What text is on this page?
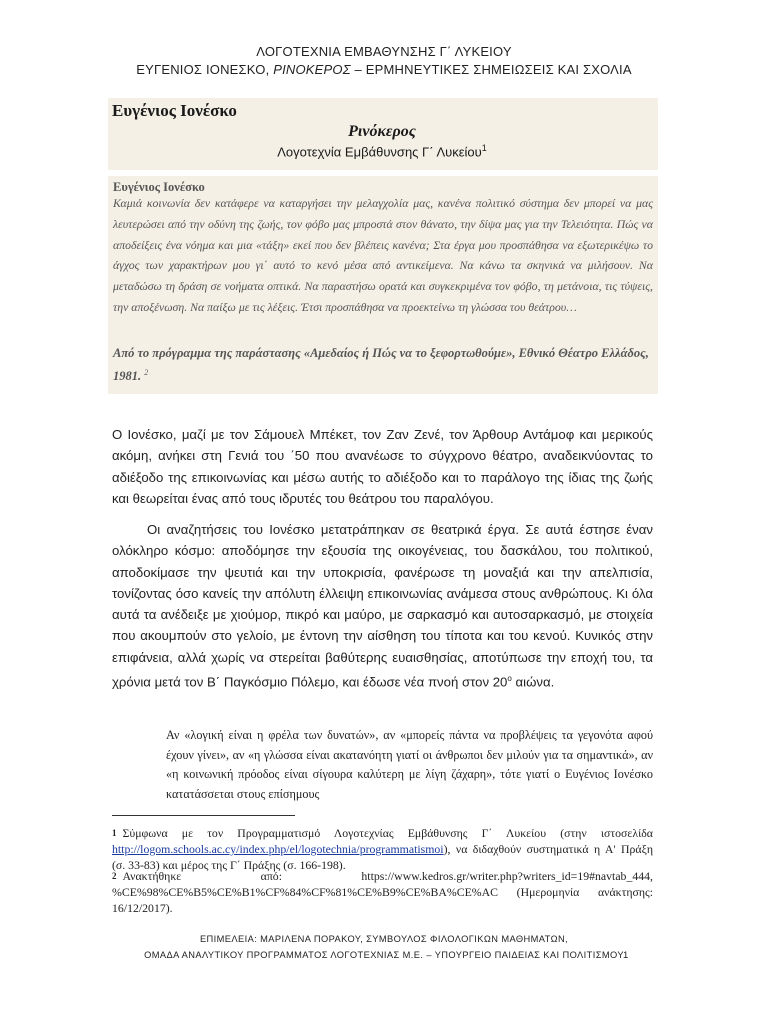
ΛΟΓΟΤΕΧΝΙΑ ΕΜΒΑΘΥΝΣΗΣ Γ΄ ΛΥΚΕΙΟΥ
ΕΥΓΕΝΙΟΣ ΙΟΝΕΣΚΟ, ΡΙΝΟΚΕΡΟΣ – ΕΡΜΗΝΕΥΤΙΚΕΣ ΣΗΜΕΙΩΣΕΙΣ ΚΑΙ ΣΧΟΛΙΑ
Ευγένιος Ιονέσκο
Ρινόκερος
Λογοτεχνία Εμβάθυνσης Γ΄ Λυκείου$^1$
Ευγένιος Ιονέσκο
Καμιά κοινωνία δεν κατάφερε να καταργήσει την μελαγχολία μας, κανένα πολιτικό σύστημα δεν μπορεί να μας λευτερώσει από την οδύνη της ζωής, τον φόβο μας μπροστά στον θάνατο, την δίψα μας για την Τελειότητα. Πώς να αποδείξεις ένα νόημα και μια «τάξη» εκεί που δεν βλέπεις κανένα; Στα έργα μου προσπάθησα να εξωτερικέψω το άγχος των χαρακτήρων μου γι΄ αυτό το κενό μέσα από αντικείμενα. Να κάνω τα σκηνικά να μιλήσουν. Να μεταδώσω τη δράση σε νοήματα οπτικά. Να παραστήσω ορατά και συγκεκριμένα τον φόβο, τη μετάνοια, τις τύψεις, την αποξένωση. Να παίξω με τις λέξεις. Έτσι προσπάθησα να προεκτείνω τη γλώσσα του θεάτρου…
Από το πρόγραμμα της παράστασης «Αμεδαίος ή Πώς να το ξεφορτωθούμε», Εθνικό Θέατρο Ελλάδος, 1981. $^2$
Ο Ιονέσκο, μαζί με τον Σάμουελ Μπέκετ, τον Ζαν Ζενέ, τον Άρθουρ Αντάμοφ και μερικούς ακόμη, ανήκει στη Γενιά του ΄50 που ανανέωσε το σύγχρονο θέατρο, αναδεικνύοντας το αδιέξοδο της επικοινωνίας και μέσω αυτής το αδιέξοδο και το παράλογο της ίδιας της ζωής και θεωρείται ένας από τους ιδρυτές του θεάτρου του παραλόγου.
Οι αναζητήσεις του Ιονέσκο μετατράπηκαν σε θεατρικά έργα. Σε αυτά έστησε έναν ολόκληρο κόσμο: αποδόμησε την εξουσία της οικογένειας, του δασκάλου, του πολιτικού, αποδοκίμασε την ψευτιά και την υποκρισία, φανέρωσε τη μοναξιά και την απελπισία, τονίζοντας όσο κανείς την απόλυτη έλλειψη επικοινωνίας ανάμεσα στους ανθρώπους. Κι όλα αυτά τα ανέδειξε με χιούμορ, πικρό και μαύρο, με σαρκασμό και αυτοσαρκασμό, με στοιχεία που ακουμπούν στο γελοίο, με έντονη την αίσθηση του τίποτα και του κενού. Κυνικός στην επιφάνεια, αλλά χωρίς να στερείται βαθύτερης ευαισθησίας, αποτύπωσε την εποχή του, τα χρόνια μετά τον Β΄ Παγκόσμιο Πόλεμο, και έδωσε νέα πνοή στον $20^o$ αιώνα.
Αν «λογική είναι η φρέλα των δυνατών», αν «μπορείς πάντα να προβλέψεις τα γεγονότα αφού έχουν γίνει», αν «η γλώσσα είναι ακατανόητη γιατί οι άνθρωποι δεν μιλούν για τα σημαντικά», αν «η κοινωνική πρόοδος είναι σίγουρα καλύτερη με λίγη ζάχαρη», τότε γιατί ο Ευγένιος Ιονέσκο κατατάσσεται στους επίσημους
$^1$ Σύμφωνα με τον Προγραμματισμό Λογοτεχνίας Εμβάθυνσης Γ΄ Λυκείου (στην ιστοσελίδα http://logom.schools.ac.cy/index.php/el/logotechnia/programmatismoi), να διδαχθούν συστηματικά η Α' Πράξη (σ. 33-83) και μέρος της Γ΄ Πράξης (σ. 166-198).
$^2$ Ανακτήθηκε από: https://www.kedros.gr/writer.php?writers_id=19#navtab_444, %CE%98%CE%B5%CE%B1%CF%84%CF%81%CE%B9%CE%BA%CE%AC (Ημερομηνία ανάκτησης: 16/12/2017).
ΕΠΙΜΕΛΕΙΑ: ΜΑΡΙΛΕΝΑ ΠΟΡΑΚΟΥ, ΣΥΜΒΟΥΛΟΣ ΦΙΛΟΛΟΓΙΚΩΝ ΜΑΘΗΜΑΤΩΝ,
ΟΜΑΔΑ ΑΝΑΛΥΤΙΚΟΥ ΠΡΟΓΡΑΜΜΑΤΟΣ ΛΟΓΟΤΕΧΝΙΑΣ Μ.Ε. – ΥΠΟΥΡΓΕΙΟ ΠΑΙΔΕΙΑΣ ΚΑΙ ΠΟΛΙΤΙΣΜΟΥ 1
